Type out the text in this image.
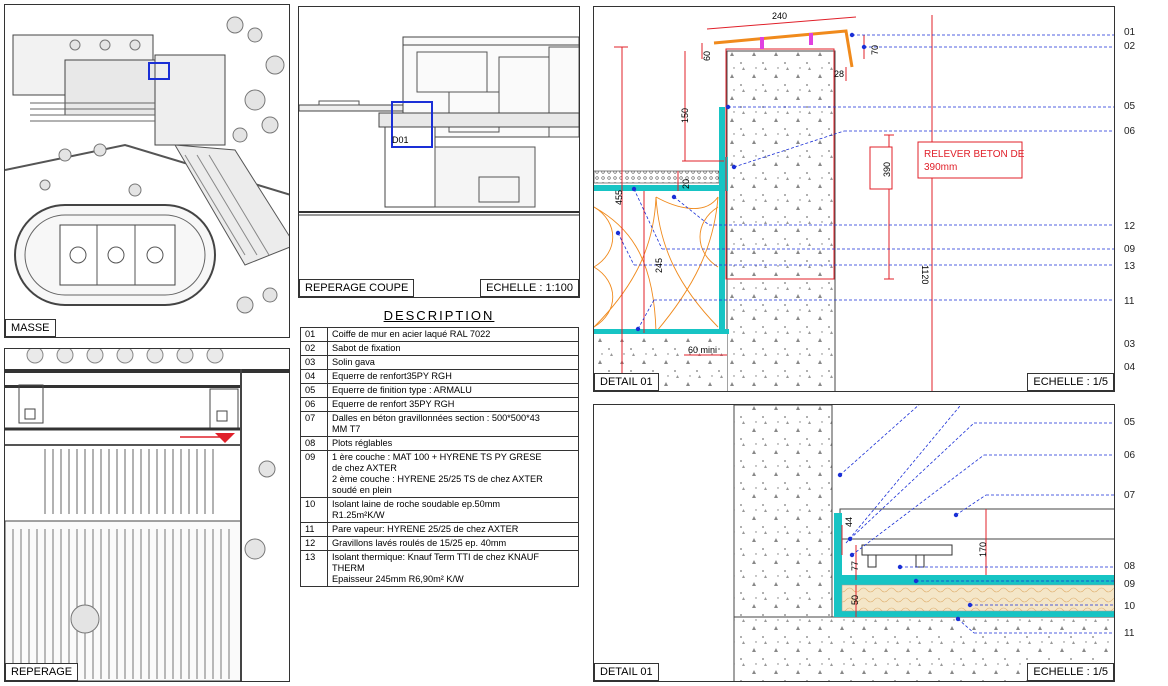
MASSE
REPERAGE
D01
REPERAGE COUPE	ECHELLE : 1:100
DESCRIPTION
01	Coiffe de mur en acier laqué RAL 7022

02	Sabot de fixation

03	Solin gava

04	Equerre de renfort35PY RGH

05	Equerre de finition type : ARMALU

06	Equerre de renfort 35PY RGH

07	Dalles en béton gravillonnées section : 500*500*43
MM T7

08	Plots réglables

09	1 ère couche : MAT 100 + HYRENE TS PY GRESE
de chez AXTER
2 ème couche : HYRENE 25/25 TS de chez AXTER
soudé en plein

10	Isolant laine de roche soudable ep.50mm
R1.25m²K/W

11	Pare vapeur: HYRENE 25/25 de chez AXTER

12	Gravillons lavés roulés de 15/25 ep. 40mm

13	Isolant thermique: Knauf Term TTI de chez KNAUF
THERM
Epaisseur 245mm R6,90m² K/W
240
60
70
28
150
390
455
20
245	1120
60 mini
RELEVER BETON DE
390mm
DETAIL 01	ECHELLE : 1/5
44
77
170
50
DETAIL 01	ECHELLE : 1/5
01
02
05
06
12
09
13
11
03
04
05
06
07
08
09
10
11
